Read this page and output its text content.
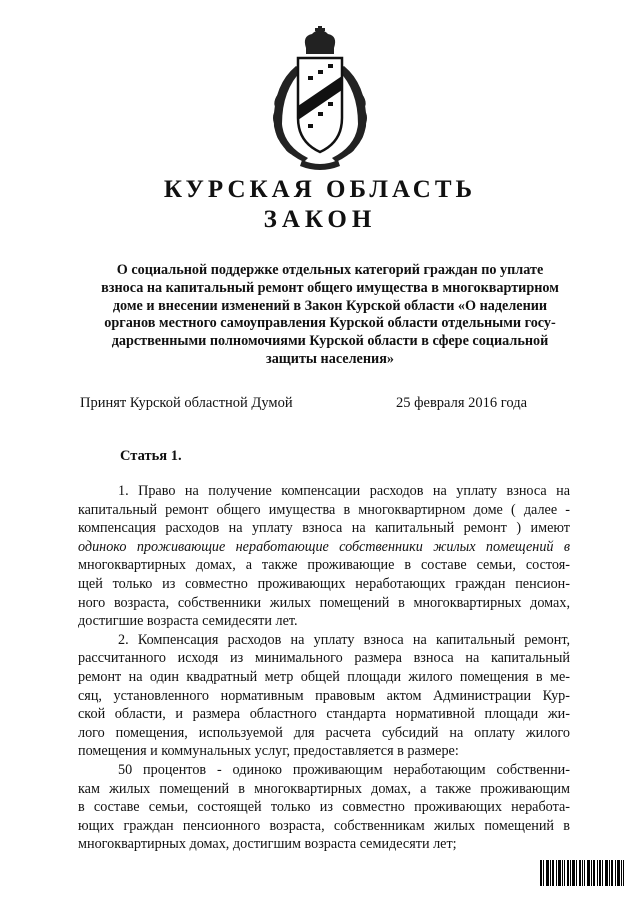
КУРСКАЯ ОБЛАСТЬ
ЗАКОН
О социальной поддержке отдельных категорий граждан по уплате
взноса на капитальный ремонт общего имущества в многоквартирном
доме и внесении изменений в Закон Курской области «О наделении
органов местного самоуправления Курской области отдельными госу-
дарственными полномочиями Курской области в сфере социальной
защиты населения»
Принят Курской областной Думой	25 февраля 2016 года
Статья 1.
1. Право на получение компенсации расходов на уплату взноса на
капитальный ремонт общего имущества в многоквартирном доме ( далее -
компенсация расходов на уплату взноса на капитальный ремонт ) имеют
одиноко проживающие неработающие собственники жилых помещений в
многоквартирных домах, а также проживающие в составе семьи, состоя-
щей только из совместно проживающих неработающих граждан пенсион-
ного возраста, собственники жилых помещений в многоквартирных домах,
достигшие возраста семидесяти лет.
2. Компенсация расходов на уплату взноса на капитальный ремонт,
рассчитанного исходя из минимального размера взноса на капитальный
ремонт на один квадратный метр общей площади жилого помещения в ме-
сяц, установленного нормативным правовым актом Администрации Кур-
ской области, и размера областного стандарта нормативной площади жи-
лого помещения, используемой для расчета субсидий на оплату жилого
помещения и коммунальных услуг, предоставляется в размере:
50 процентов - одиноко проживающим неработающим собственни-
кам жилых помещений в многоквартирных домах, а также проживающим
в составе семьи, состоящей только из совместно проживающих неработа-
ющих граждан пенсионного возраста, собственникам жилых помещений в
многоквартирных домах, достигшим возраста семидесяти лет;
